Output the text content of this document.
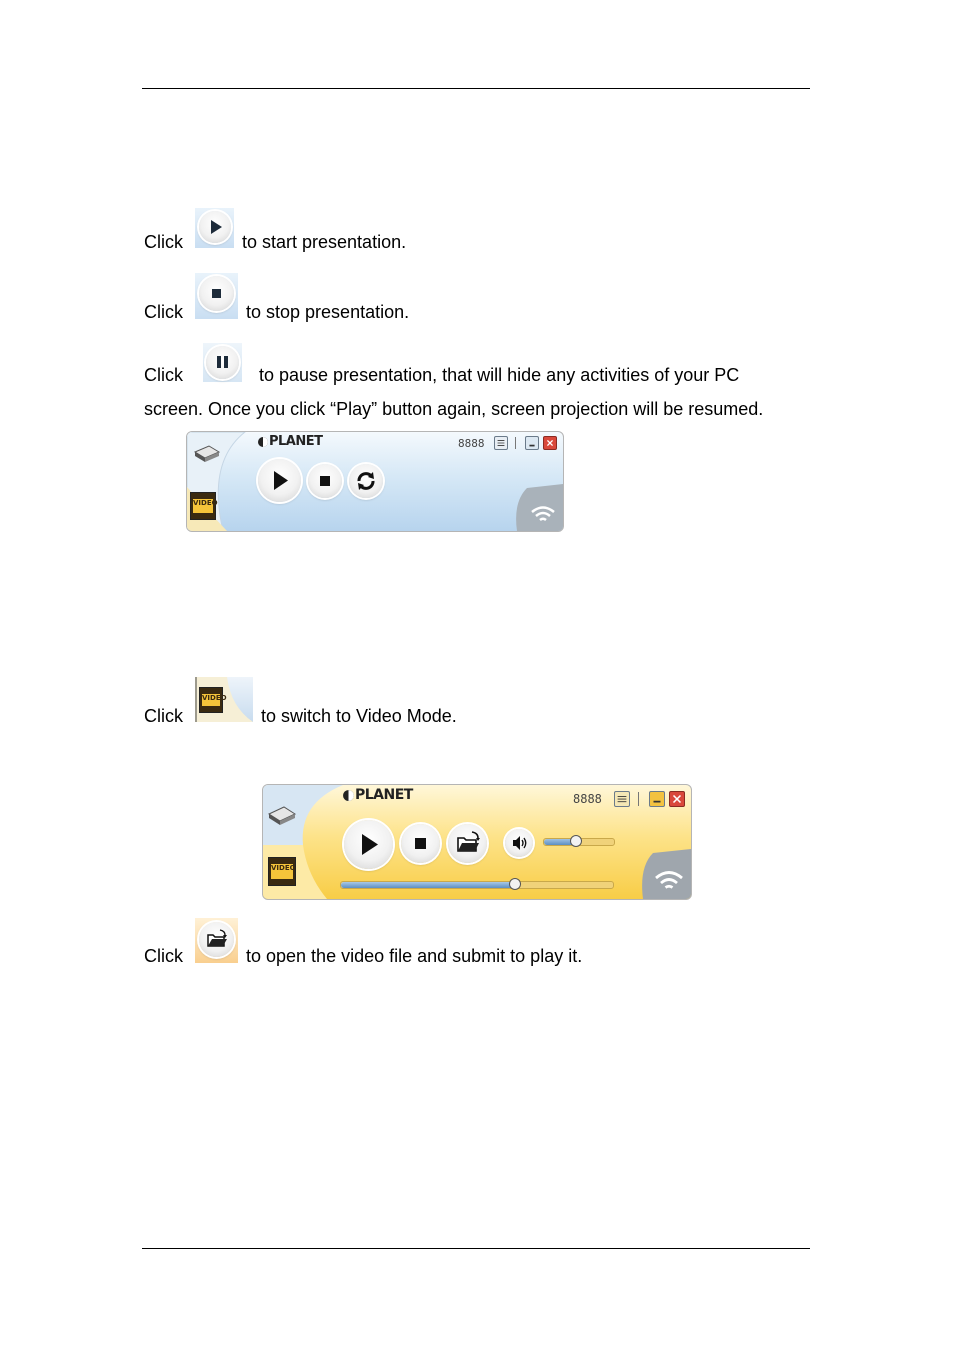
Click	to start presentation.
Click	to stop presentation.
Click	to pause presentation, that will hide any activities of your PC
screen. Once you click “Play” button again, screen projection will be resumed.
VIDEO
PLANET	8888
Click
VIDEO
to switch to Video Mode.
VIDEO
PLANET	8888
Click	to open the video file and submit to play it.
